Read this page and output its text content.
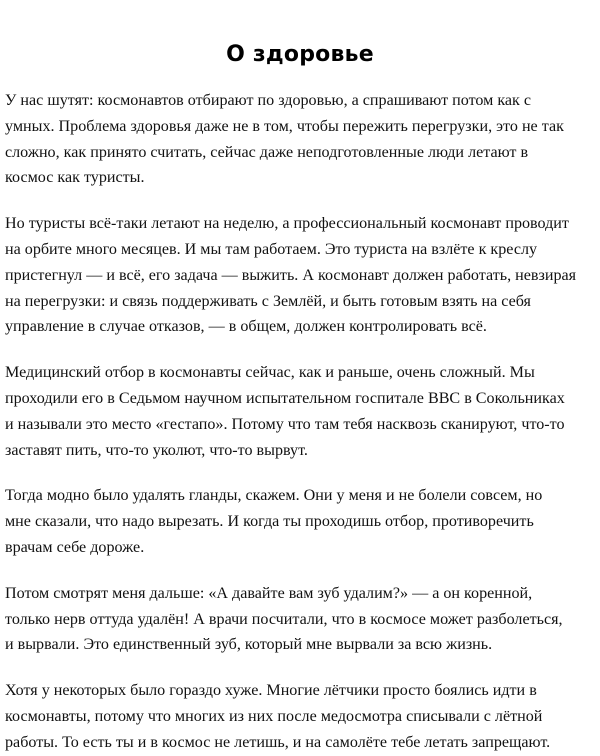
О здоровье

У нас шутят: космонавтов отбирают по здоровью, а спрашивают потом как с
умных. Проблема здоровья даже не в том, чтобы пережить перегрузки, это не так
сложно, как принято считать, сейчас даже неподготовленные люди летают в
космос как туристы.

Но туристы всё-таки летают на неделю, а профессиональный космонавт проводит
на орбите много месяцев. И мы там работаем. Это туриста на взлёте к креслу
пристегнул — и всё, его задача — выжить. А космонавт должен работать, невзирая
на перегрузки: и связь поддерживать с Землёй, и быть готовым взять на себя
управление в случае отказов, — в общем, должен контролировать всё.

Медицинский отбор в космонавты сейчас, как и раньше, очень сложный. Мы
проходили его в Седьмом научном испытательном госпитале ВВС в Сокольниках
и называли это место «гестапо». Потому что там тебя насквозь сканируют, что-то
заставят пить, что-то уколют, что-то вырвут.

Тогда модно было удалять гланды, скажем. Они у меня и не болели совсем, но
мне сказали, что надо вырезать. И когда ты проходишь отбор, противоречить
врачам себе дороже.

Потом смотрят меня дальше: «А давайте вам зуб удалим?» — а он коренной,
только нерв оттуда удалён! А врачи посчитали, что в космосе может разболеться,
и вырвали. Это единственный зуб, который мне вырвали за всю жизнь.

Хотя у некоторых было гораздо хуже. Многие лётчики просто боялись идти в
космонавты, потому что многих из них после медосмотра списывали с лётной
работы. То есть ты и в космос не летишь, и на самолёте тебе летать запрещают.
